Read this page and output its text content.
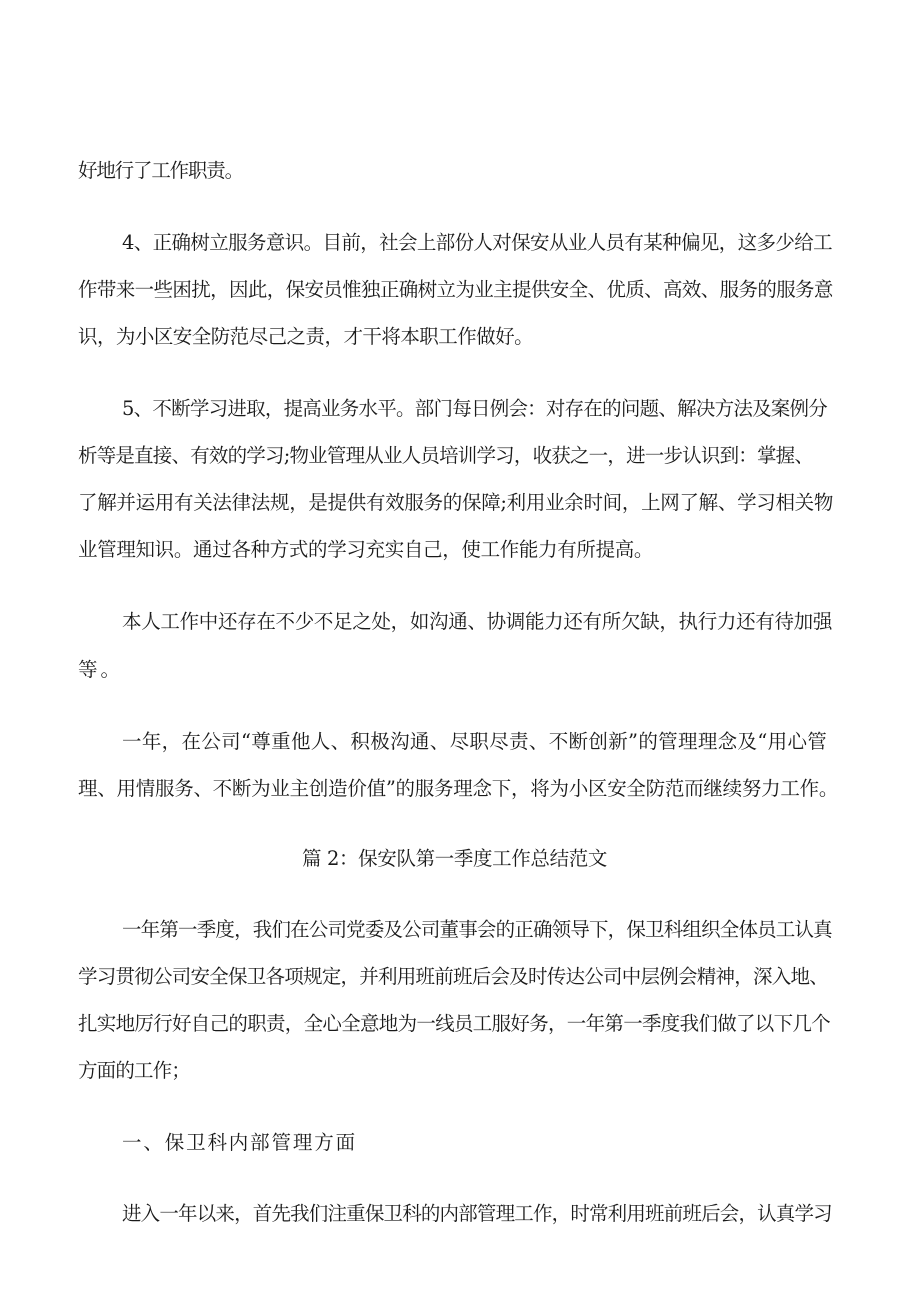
好地行了工作职责。
4、正确树立服务意识。目前，社会上部份人对保安从业人员有某种偏见，这多少给工
作带来一些困扰，因此，保安员惟独正确树立为业主提供安全、优质、高效、服务的服务意
识，为小区安全防范尽己之责，才干将本职工作做好。
5、不断学习进取，提高业务水平。部门每日例会：对存在的问题、解决方法及案例分
析等是直接、有效的学习;物业管理从业人员培训学习，收获之一，进一步认识到：掌握、
了解并运用有关法律法规，是提供有效服务的保障;利用业余时间，上网了解、学习相关物
业管理知识。通过各种方式的学习充实自己，使工作能力有所提高。
本人工作中还存在不少不足之处，如沟通、协调能力还有所欠缺，执行力还有待加强
等。
一年，在公司“尊重他人、积极沟通、尽职尽责、不断创新”的管理理念及“用心管
理、用情服务、不断为业主创造价值”的服务理念下，将为小区安全防范而继续努力工作。
篇 2：保安队第一季度工作总结范文
一年第一季度，我们在公司党委及公司董事会的正确领导下，保卫科组织全体员工认真
学习贯彻公司安全保卫各项规定，并利用班前班后会及时传达公司中层例会精神，深入地、
扎实地厉行好自己的职责，全心全意地为一线员工服好务，一年第一季度我们做了以下几个
方面的工作；
一、保卫科内部管理方面
进入一年以来，首先我们注重保卫科的内部管理工作，时常利用班前班后会，认真学习
